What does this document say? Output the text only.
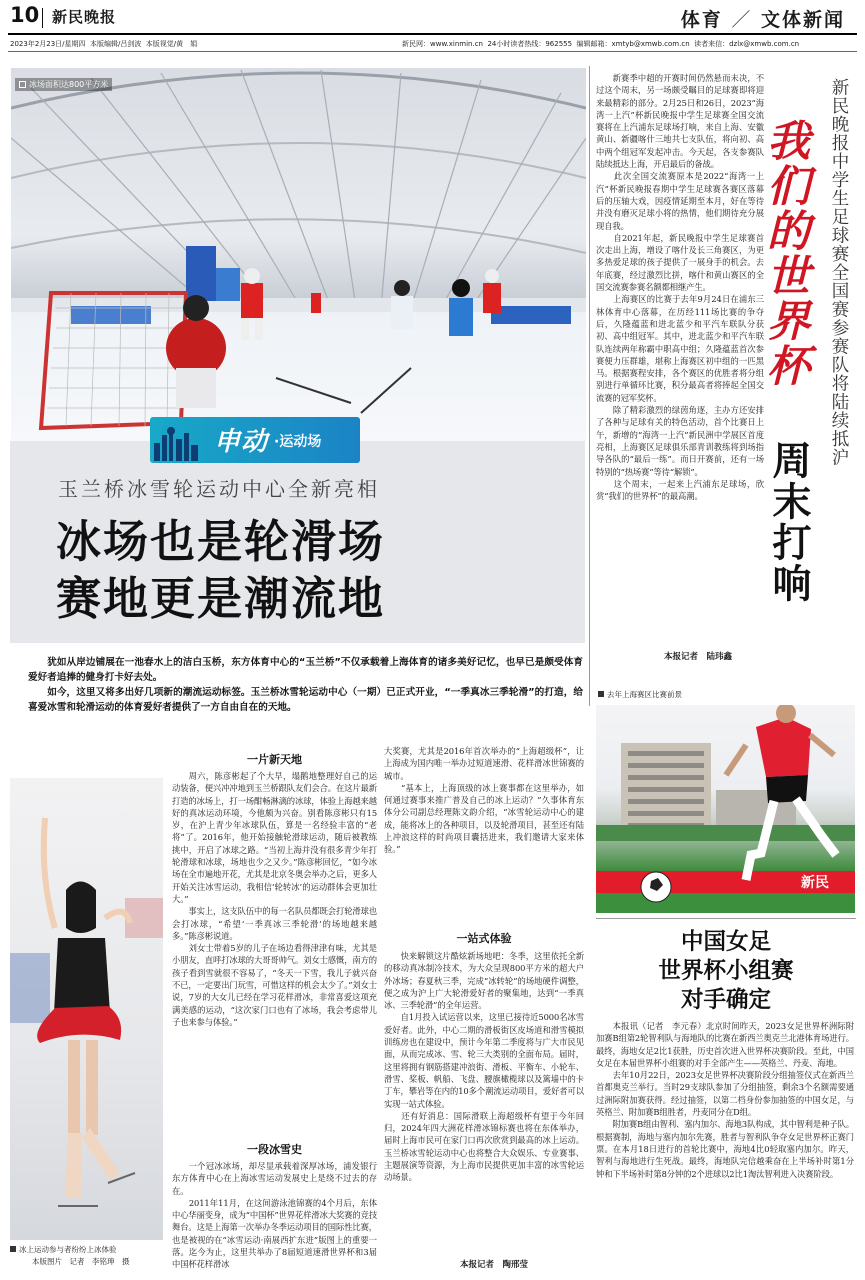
10 新民晚报	体育 ／ 文体新闻
2023年2月23日/星期四  本版编辑/吕剑波  本版视觉/黄　娟	新民网：www.xinmin.cn  24小时读者热线：962555  编辑邮箱：xmtyb@xmwb.com.cn  读者来信：dzlx@xmwb.com.cn
冰场面积达800平方米
申动 ·运动场
玉兰桥冰雪轮运动中心全新亮相
冰场也是轮滑场
赛地更是潮流地

犹如从岸边铺展在一池春水上的洁白玉桥，东方体育中心的“玉兰桥”不仅承载着上海体育的诸多美好记忆，也早已是颇受体育爱好者追捧的健身打卡好去处。

如今，这里又将多出好几项新的潮流运动标签。玉兰桥冰雪轮运动中心（一期）已正式开业，“一季真冰三季轮滑”的打造，给喜爱冰雪和轮滑运动的体育爱好者提供了一方自由自在的天地。

冰上运动参与者纷纷上冰体验
本版图片　记者　李铭珅　摄
一片新天地
周六，陈彦彬起了个大早，塌鹅地整理好自己的运动装备，便兴冲冲地到玉兰桥跟队友们会合。在这片最新打造的冰场上，打一场酣畅淋漓的冰球，体验上海越来越好的真冰运动环境，今他颇为兴奋。别看陈彦彬只有15岁，在沪上青少年冰球队伍，算是一名经验丰富的“老将”了。2016年，他开始接触轮滑球运动，随后被教练挑中，开启了冰球之路。“当初上海并没有很多青少年打轮滑球和冰球，场地也少之又少。”陈彦彬回忆，“如今冰场在全市遍地开花，尤其是北京冬奥会举办之后，更多人开始关注冰雪运动，我相信‘轮转冰’的运动群体会更加壮大。”
　　事实上，这支队伍中的每一名队员都既会打轮滑球也会打冰球，“希望‘一季真冰三季轮滑’的场地越来越多。”陈彦彬说道。
　　刘女士带着5岁的儿子在场边看得津津有味，尤其是小朋友，直呼打冰球的大哥哥帅气。刘女士感慨，南方的孩子看到雪就很不容易了，“冬天一下雪，我儿子就兴奋不已，一定要出门玩雪，可惜这样的机会太少了。”刘女士说，7岁的大女儿已经在学习花样滑冰，非常喜爱这项充满美感的运动，“这次家门口也有了冰场，我会考虑带儿子也来参与体验。”
一段冰雪史
一个冠冰冰场，却尽显承载着深厚冰场，浦发银行东方体育中心在上海冰雪运动发展史上是绕不过去的存在。
　　2011年11月，在这间游泳池锦赛的4个月后，东体中心华丽变身，成为“中国杯”世界花样滑冰大奖赛的竞技舞台。这是上海第一次举办冬季运动项目的国际性比赛，也是被视的在“冰雪运动·南展西扩东进”版图上的重要一落。迄今为止，这里共举办了8届短道速滑世界杯和3届中国杯花样滑冰
大奖赛，尤其是2016年首次举办的“上海超级杯”，让上海成为国内唯一举办过短道速滑、花样滑冰世锦赛的城市。
　　“基本上，上海顶级的冰上赛事都在这里举办，如何通过赛事来推广普及自己的冰上运动？”久事体育东体分公司副总经理陈文韵介绍，“冰雪轮运动中心的建成，能将冰上的各种项目，以及轮滑项目，甚至还有陆上冲浪这样的时尚项目囊括进来，我们邀请大家来体验。”
一站式体验
快来解锁这片酷炫新场地吧：冬季，这里依托全新的移动真冰制冷技术，为大众呈现800平方米的超大户外冰场；春夏秋三季，完成“冰转轮”的场地硬件调整，便之成为沪上广大轮滑爱好者的聚集地，达到“一季真冰、三季轮滑”的全年运营。
　　自1月投入试运营以来，这里已接待近5000名冰雪爱好者。此外，中心二期的滑板街区皮场道和滑雪模拟训练房也在建设中，预计今年第二季度将与广大市民见面，从而完成冰、雪、轮三大类别的全面布局。届时，这里将拥有钢筋搭建冲浪街、滑板、平衡车、小轮车、滑雪、桨板、帆船、飞盘、腰旗橄榄球以及篱墙中的卡丁车，攀岩等在内的10多个潮流运动项目，爱好者可以实现一站式体验。
　　还有好消息：国际滑联上海超级杯有望于今年回归，2024年四大洲花样滑冰锦标赛也将在东体举办，届时上海市民可在家门口再次欣赏到最高的冰上运动。玉兰桥冰雪轮运动中心也将整合大众娱乐、专业赛事、主题展演等资源，为上海市民提供更加丰富的冰雪轮运动场景。
本报记者　陶邢莹
新赛季中超的开赛时间仍然悬而未决，不过这个周末，另一场颇受瞩目的足球赛即将迎来最精彩的部分。2月25日和26日，2023“海湾一上汽”杯新民晚报中学生足球赛全国交流赛将在上汽浦东足球场打响，来自上海、安徽黄山、新疆喀什三地共七支队伍，将向初、高中两个组冠军发起冲击。今天起，各支参赛队陆续抵达上海，开启最后的备战。
　　此次全国交流赛原本是2022“海湾一上汽”杯新民晚报春期中学生足球赛各赛区落幕后的压轴大戏，因疫情延期至本月，好在等待并没有磨灭足球小将的热情，他们期待充分展现自我。
　　自2021年起，新民晚报中学生足球赛首次走出上海，增设了喀什及长三角赛区，为更多热爱足球的孩子提供了一展身手的机会。去年底赛，经过激烈比拼，喀什和黄山赛区的全国交流赛参赛名额都相继产生。
　　上海赛区的比赛于去年9月24日在浦东三林体育中心落幕，在历经111场比赛的争夺后，久隆蕴蓝和进北蓝少和平汽车联队分获初、高中组冠军。其中，进北蓝少和平汽车联队连续两年称霸中职高中组；久隆蕴蓝首次参赛便力压群雄，堪称上海赛区初中组的一匹黑马。根据赛程安排，各个赛区的优胜者将分组别进行单循环比赛，积分最高者将捧起全国交流赛的冠军奖杯。
　　除了精彩激烈的绿茵角逐，主办方还安排了各种与足球有关的特色活动，首个比赛日上午，新增的“海湾一上汽”新民洲中学展区首度亮相，上海赛区足球俱乐部青训教练将到场指导各队的“最后一练”。而日开赛前，还有一场特别的“热场赛”等待“解锁”。
　　这个周末，一起来上汽浦东足球场，欣赏“我们的世界杯”的最高潮。
本报记者　陆玮鑫
新民晚报中学生足球赛全国赛参赛队将陆续抵沪
我们的世界杯
周末打响
去年上海赛区比赛前景
新民
中国女足
世界杯小组赛
对手确定
本报讯（记者　李元春）北京时间昨天，2023女足世界杯洲际附加赛B组第2轮智利队与海地队的比赛在新西兰奥克兰北港体育场进行。最终，海地女足2比1获胜，历史首次进入世界杯决赛阶段。至此，中国女足在本届世界杯小组赛的对手全部产生——英格兰、丹麦、海地。
　　去年10月22日，2023女足世界杯决赛阶段分组抽签仪式在新西兰首都奥克兰举行。当时29支球队参加了分组抽签，剩余3个名额需要通过洲际附加赛获得。经过抽签，以第二档身份参加抽签的中国女足，与英格兰、附加赛B组胜者，丹麦同分在D组。
　　附加赛B组由智利、塞内加尔、海地3队构成，其中智利是种子队。根据赛制，海地与塞内加尔先赛，胜者与智利队争夺女足世界杯正赛门票。在本月18日进行的首轮比赛中，海地4比0轻取塞内加尔。昨天，智利与海地进行生死战。最终，海地队完信越乘奋在上半场补时第1分钟和下半场补时第8分钟的2个进球以2比1淘汰智利进入决赛阶段。
